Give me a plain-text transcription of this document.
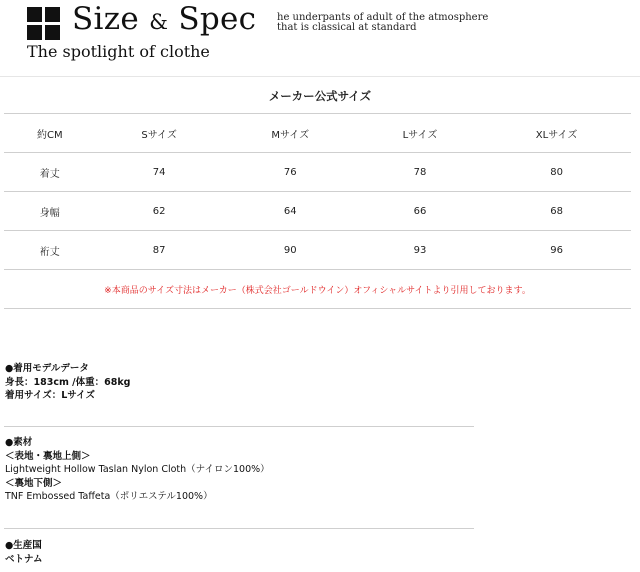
Size & Spec
The spotlight of clothe
he underpants of adult of the atmosphere
that is classical at standard
メーカー公式サイズ
約CM	Sサイズ	Mサイズ	Lサイズ	XLサイズ
着丈	74	76	78	80
身幅	62	64	66	68
裄丈	87	90	93	96
※本商品のサイズ寸法はメーカー（株式会社ゴールドウイン）オフィシャルサイトより引用しております。				
●着用モデルデータ
身長：183cm /体重：68kg
着用サイズ：Lサイズ
●素材
＜表地・裏地上側＞
Lightweight Hollow Taslan Nylon Cloth（ナイロン100%）
＜裏地下側＞
TNF Embossed Taffeta（ポリエステル100%）
●生産国
ベトナム
